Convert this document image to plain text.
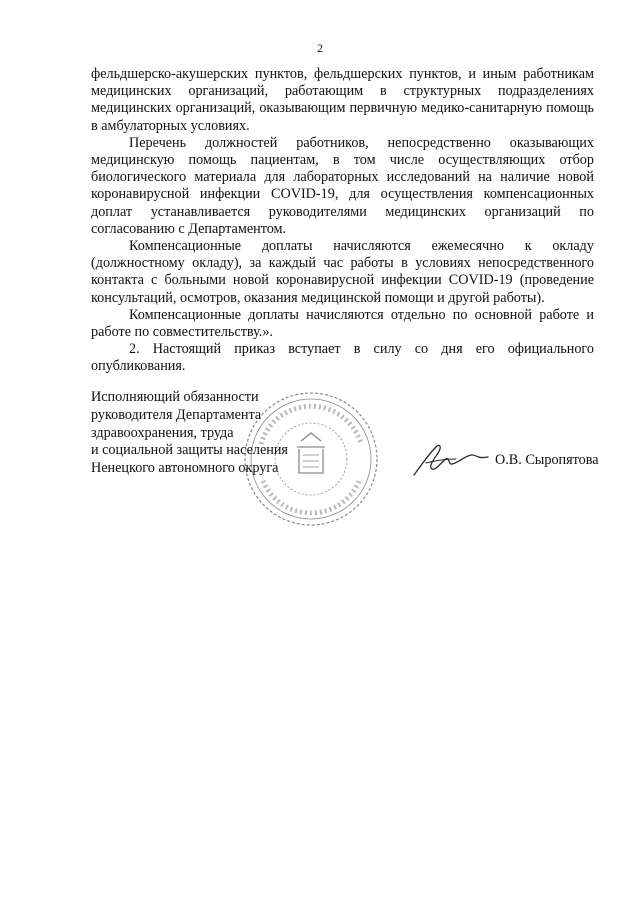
2

фельдшерско-акушерских пунктов, фельдшерских пунктов, и иным работникам медицинских организаций, работающим в структурных подразделениях медицинских организаций, оказывающим первичную медико-санитарную помощь в амбулаторных условиях.

Перечень должностей работников, непосредственно оказывающих медицинскую помощь пациентам, в том числе осуществляющих отбор биологического материала для лабораторных исследований на наличие новой коронавирусной инфекции COVID-19, для осуществления компенсационных доплат устанавливается руководителями медицинских организаций по согласованию с Департаментом.

Компенсационные доплаты начисляются ежемесячно к окладу (должностному окладу), за каждый час работы в условиях непосредственного контакта с больными новой коронавирусной инфекции COVID-19 (проведение консультаций, осмотров, оказания медицинской помощи и другой работы).

Компенсационные доплаты начисляются отдельно по основной работе и работе по совместительству.».

2. Настоящий приказ вступает в силу со дня его официального опубликования.

Исполняющий обязанности
руководителя Департамента
здравоохранения, труда
и социальной защиты населения
Ненецкого автономного округа
О.В. Сыропятова
